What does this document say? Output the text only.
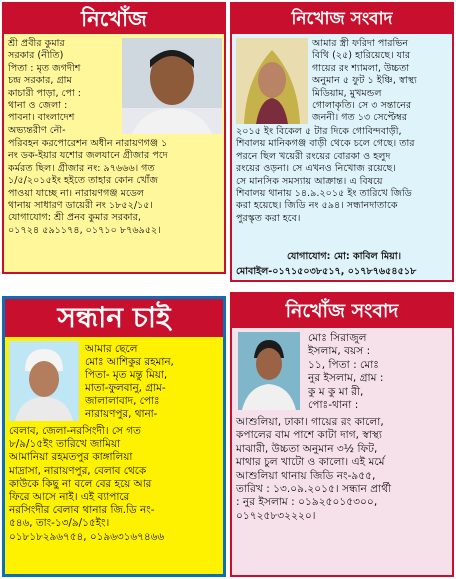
নিখোঁজ
শ্রী প্রবীর কুমার
সরকার (নীতি)
পিতা : মৃত জগদীশ
চন্দ্র সরকার, গ্রাম
কাচারী পাড়া, পো :
থানা ও জেলা :
পাবনা। বাংলাদেশ
অভ্যন্তরীণ নৌ-
পরিবহন করপোরেশন অধীন নারায়ণগঞ্জ ১
নং ডক-ইয়ার যশোর জলযানে গ্রীজার পদে
কর্মরত ছিল। গ্রীজার নং: ৯৭৬৬৬। গত
১/৫/২০১৫ইং হইতে তাহার কোন খোঁজ
পাওয়া যাচ্ছে না। নারায়ণগঞ্জ মডেল
থানায় সাধারণ ডায়েরী নং ১৮৫২/১৫।
যোগাযোগ: শ্রী প্রনব কুমার সরকার,
০১৭২৪ ৫৯১১৭৪, ০১৭১০ ৮৭৬৯৫২।
নিখোজ সংবাদ
আমার স্ত্রী ফরিদা পারভিন
বিথি (২৫) হারিয়েছে। যার
গায়ের রং শ্যামলা, উচ্চতা
অনুমান ৫ ফুট ১ ইঞ্চি, স্বাস্থ্য
মিডিয়াম, মুখমন্ডল
গোলাকৃতি। সে ৩ সন্তানের
জননী। গত ১৩ সেপ্টেম্বর
২০১৫ ইং বিকেল ৫ টার দিকে গোবিন্দবাড়ী,
শিবালয় মানিকগঞ্জ বাড়ী থেকে চলে গেছে। তার
পরনে ছিল খয়েরী রংয়ের বোরকা ও হলুদ
রংয়ের ওড়না। সে এখনও নিখোজ রয়েছে।
সে মানসিক সমস্যায় আক্রান্ত। এ বিষয়ে
শিবালয় থানায় ১৪.৯.২০১৫ ইং তারিখে জিডি
করা হয়েছে। জিডি নং ৫৯৪। সন্ধানদাতাকে
পুরস্কৃত করা হবে।
যোগাযোগ: মো: কাবিল মিয়া।
মোবাইল-০১৭১৫০৩৮৫১৭, ০১৭৮৭৬৫৪৫১৮
সন্ধান চাই
আমার ছেলে
মোঃ আশিকুর রহমান,
পিতা- মৃত মন্তু মিয়া,
মাতা-ফুলবানু, গ্রাম-
জালালাবাদ, পোঃ
নারায়ণপুর, থানা-
বেলাব, জেলা-নরসিংদী। সে গত
৮/৯/১৫ইং তারিখে জামিয়া
আমানিয়া রহমতপুর কাঙ্গালিয়া
মাদ্রাসা, নারায়ণপুর, বেলাব থেকে
কাউকে কিছু না বলে বের হয়ে আর
ফিরে আসে নাই। এই ব্যাপারে
নরসিংদীর বেলাব থানার জি.ডি নং-
৫৪৬, তাং-১৩/৯/১৫ইং।
০১৮১৮২৯৬৭৫৪, ০১৯৬৩১৬৭৪৬৬
নিখোঁজ সংবাদ
মোঃ সিরাজুল
ইসলাম, বয়স :
১১, পিতা : মোঃ
নুর ইসলাম, গ্রাম :
কু ম কু মা রী,
পোঃ-থানা :
আশুলিয়া, ঢাকা। গায়ের রং কালো,
কপালের বাম পাশে কাটা দাগ, স্বাস্থ্য
মাঝারী, উচ্চতা অনুমান ৩½ ফিট,
মাথার চুল খাটো ও কালো। এই মর্মে
আশুলিয়া থানায় জিডি নং-৯৫৫,
তারিখ : ১৩.০৯.২০১৫। সন্ধান প্রার্থী
: নুর ইসলাম : ০১৯২৫০১৫৩০০,
০১৭২৫৮৩২২২০।
